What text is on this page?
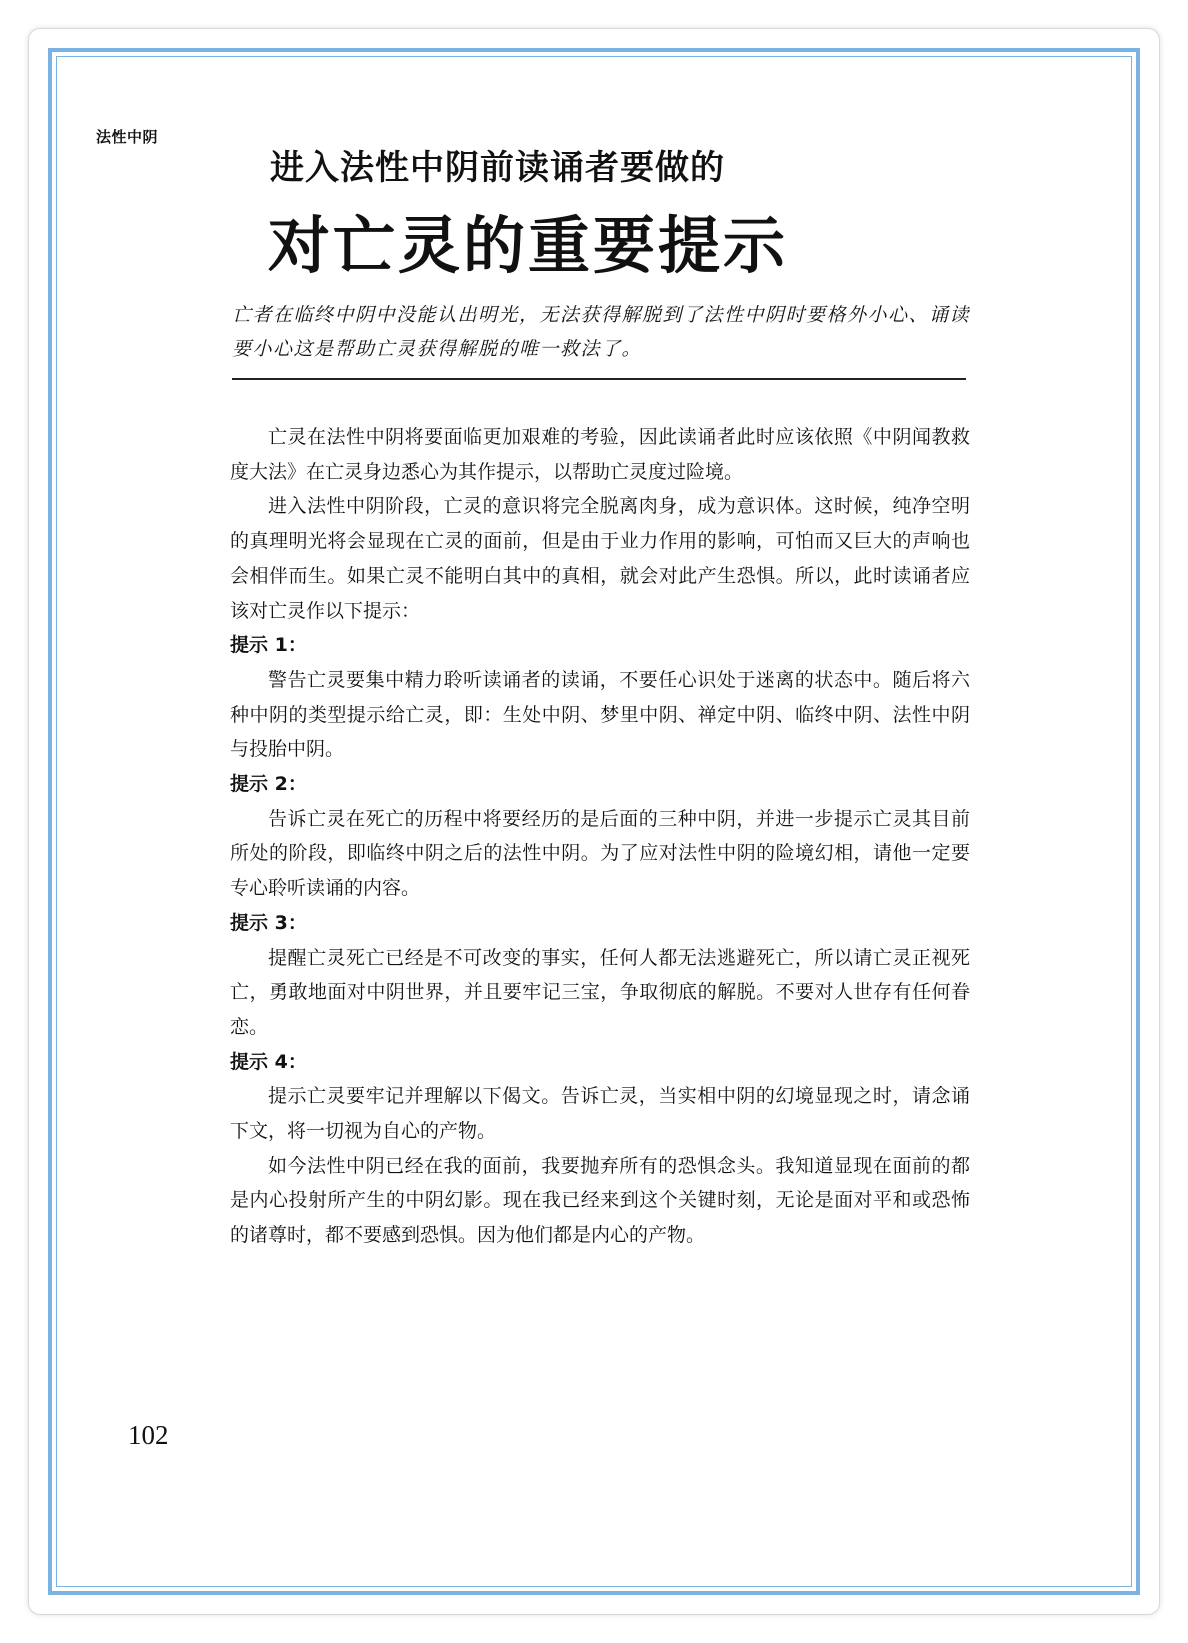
法性中阴

进入法性中阴前读诵者要做的
对亡灵的重要提示

亡者在临终中阴中没能认出明光，无法获得解脱到了法性中阴时要格外小心、诵读要小心这是帮助亡灵获得解脱的唯一救法了。

亡灵在法性中阴将要面临更加艰难的考验，因此读诵者此时应该依照《中阴闻教救度大法》在亡灵身边悉心为其作提示，以帮助亡灵度过险境。

进入法性中阴阶段，亡灵的意识将完全脱离肉身，成为意识体。这时候，纯净空明的真理明光将会显现在亡灵的面前，但是由于业力作用的影响，可怕而又巨大的声响也会相伴而生。如果亡灵不能明白其中的真相，就会对此产生恐惧。所以，此时读诵者应该对亡灵作以下提示：

提示 1：

警告亡灵要集中精力聆听读诵者的读诵，不要任心识处于迷离的状态中。随后将六种中阴的类型提示给亡灵，即：生处中阴、梦里中阴、禅定中阴、临终中阴、法性中阴与投胎中阴。

提示 2：

告诉亡灵在死亡的历程中将要经历的是后面的三种中阴，并进一步提示亡灵其目前所处的阶段，即临终中阴之后的法性中阴。为了应对法性中阴的险境幻相，请他一定要专心聆听读诵的内容。

提示 3：

提醒亡灵死亡已经是不可改变的事实，任何人都无法逃避死亡，所以请亡灵正视死亡，勇敢地面对中阴世界，并且要牢记三宝，争取彻底的解脱。不要对人世存有任何眷恋。

提示 4：

提示亡灵要牢记并理解以下偈文。告诉亡灵，当实相中阴的幻境显现之时，请念诵下文，将一切视为自心的产物。

如今法性中阴已经在我的面前，我要抛弃所有的恐惧念头。我知道显现在面前的都是内心投射所产生的中阴幻影。现在我已经来到这个关键时刻，无论是面对平和或恐怖的诸尊时，都不要感到恐惧。因为他们都是内心的产物。

102
